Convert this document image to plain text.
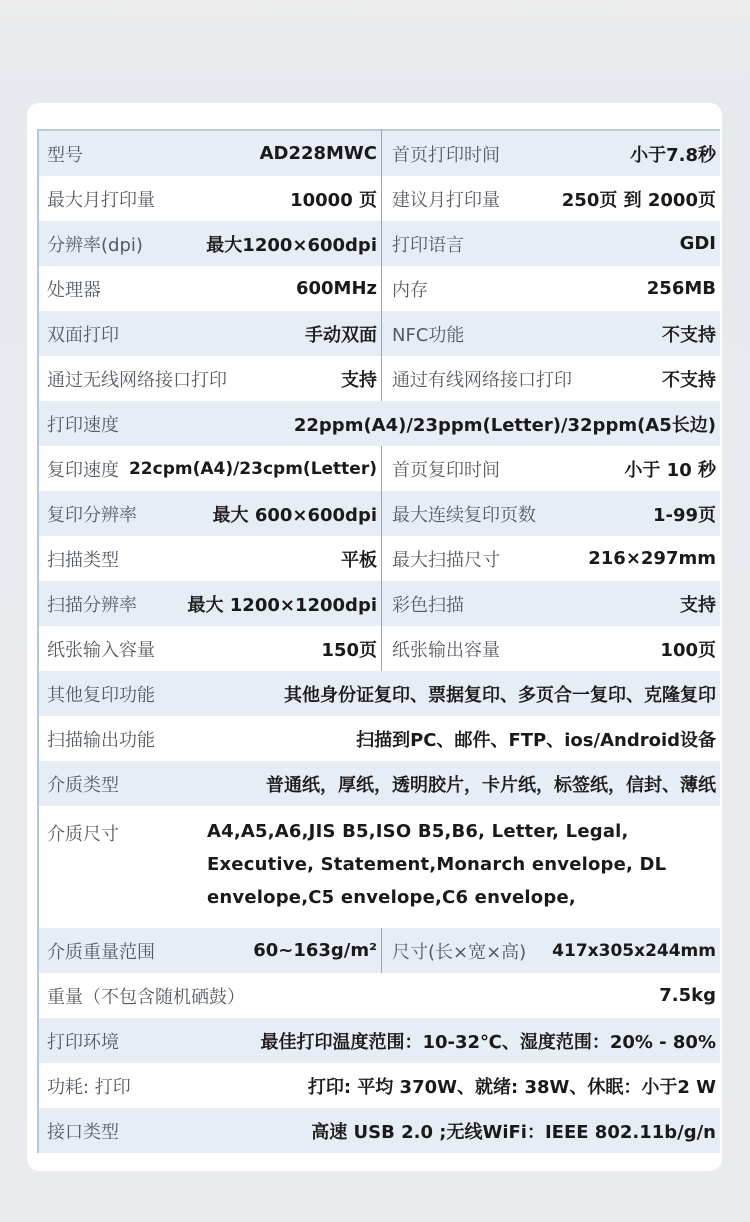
型号	AD228MWC 首页打印时间	小于7.8秒
最大月打印量	10000 页 建议月打印量	250页 到 2000页
分辨率(dpi)	最大1200×600dpi 打印语言	GDI
处理器	600MHz 内存	256MB
双面打印	手动双面 NFC功能	不支持
通过无线网络接口打印	支持 通过有线网络接口打印	不支持
打印速度	22ppm(A4)/23ppm(Letter)/32ppm(A5长边)
复印速度 22cpm(A4)/23cpm(Letter) 首页复印时间	小于 10 秒
复印分辨率	最大 600×600dpi 最大连续复印页数	1-99页
扫描类型	平板 最大扫描尺寸	216×297mm
扫描分辨率	最大 1200×1200dpi 彩色扫描	支持
纸张输入容量	150页 纸张输出容量	100页
其他复印功能	其他身份证复印、票据复印、多页合一复印、克隆复印
扫描输出功能	扫描到PC、邮件、FTP、ios/Android设备
介质类型	普通纸，厚纸，透明胶片，卡片纸，标签纸，信封、薄纸
介质尺寸	A4,A5,A6,JIS B5,ISO B5,B6, Letter, Legal, Executive, Statement,Monarch envelope, DL envelope,C5 envelope,C6 envelope,
介质重量范围	60~163g/m² 尺寸(长×宽×高) 417x305x244mm
重量（不包含随机硒鼓）	7.5kg
打印环境	最佳打印温度范围：10-32℃、湿度范围：20% - 80%
功耗: 打印	打印: 平均 370W、就绪: 38W、休眠：小于2 W
接口类型	高速 USB 2.0 ;无线WiFi：IEEE 802.11b/g/n
